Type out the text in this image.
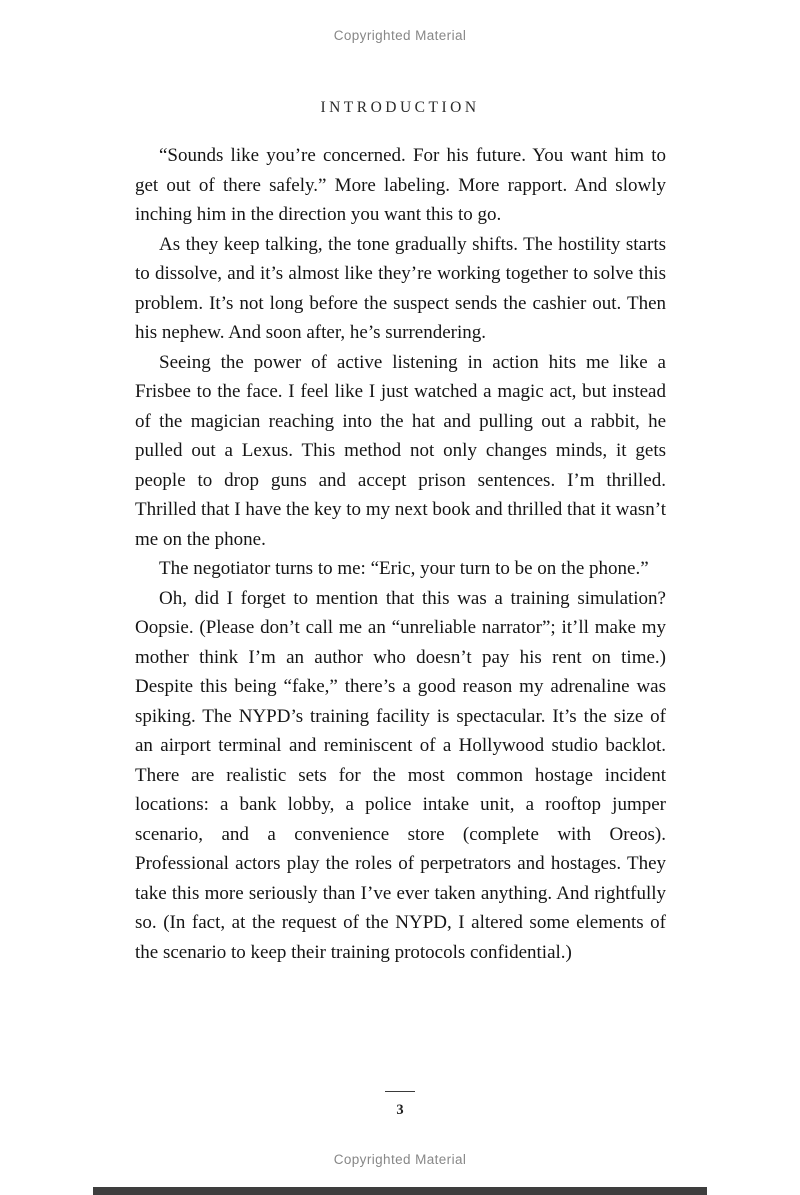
Copyrighted Material
INTRODUCTION

“Sounds like you’re concerned. For his future. You want him to get out of there safely.” More labeling. More rapport. And slowly inching him in the direction you want this to go.

As they keep talking, the tone gradually shifts. The hostility starts to dissolve, and it’s almost like they’re working together to solve this problem. It’s not long before the suspect sends the cashier out. Then his nephew. And soon after, he’s surrendering.

Seeing the power of active listening in action hits me like a Frisbee to the face. I feel like I just watched a magic act, but instead of the magician reaching into the hat and pulling out a rabbit, he pulled out a Lexus. This method not only changes minds, it gets people to drop guns and accept prison sentences. I’m thrilled. Thrilled that I have the key to my next book and thrilled that it wasn’t me on the phone.

The negotiator turns to me: “Eric, your turn to be on the phone.”

Oh, did I forget to mention that this was a training simulation? Oopsie. (Please don’t call me an “unreliable narrator”; it’ll make my mother think I’m an author who doesn’t pay his rent on time.) Despite this being “fake,” there’s a good reason my adrenaline was spiking. The NYPD’s training facility is spectacular. It’s the size of an airport terminal and reminiscent of a Hollywood studio backlot. There are realistic sets for the most common hostage incident locations: a bank lobby, a police intake unit, a rooftop jumper scenario, and a convenience store (complete with Oreos). Professional actors play the roles of perpetrators and hostages. They take this more seriously than I’ve ever taken anything. And rightfully so. (In fact, at the request of the NYPD, I altered some elements of the scenario to keep their training protocols confidential.)

3
Copyrighted Material
